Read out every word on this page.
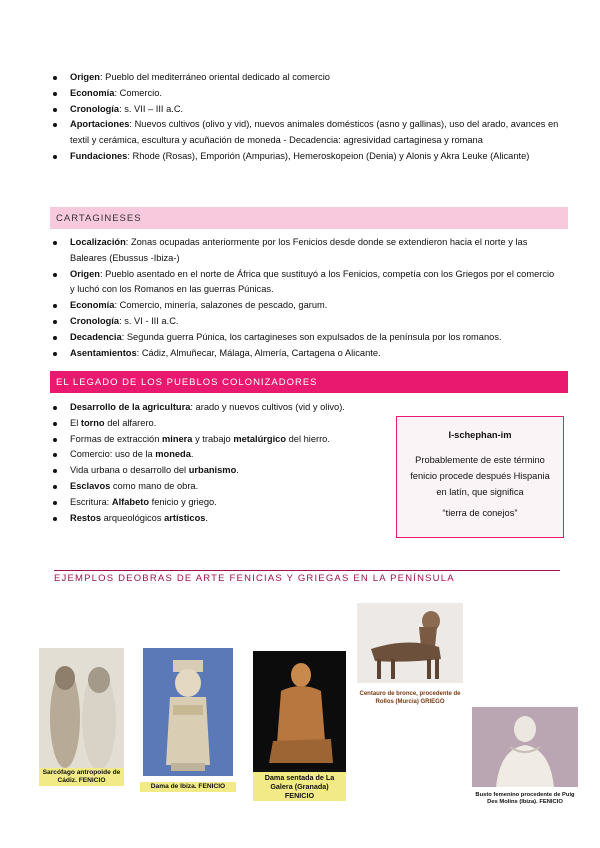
Origen: Pueblo del mediterráneo oriental dedicado al comercio
Economía: Comercio.
Cronología: s. VII – III a.C.
Aportaciones: Nuevos cultivos (olivo y vid), nuevos animales domésticos (asno y gallinas), uso del arado, avances en textil y cerámica, escultura y acuñación de moneda - Decadencia: agresividad cartaginesa y romana
Fundaciones: Rhode (Rosas), Emporión (Ampurias), Hemeroskopeion (Denia) y Alonis y Akra Leuke (Alicante)
CARTAGINESES
Localización: Zonas ocupadas anteriormente por los Fenicios desde donde se extendieron hacia el norte y las Baleares (Ebussus -Ibiza-)
Origen: Pueblo asentado en el norte de África que sustituyó a los Fenicios, competía con los Griegos por el comercio y luchó con los Romanos en las guerras Púnicas.
Economía: Comercio, minería, salazones de pescado, garum.
Cronología: s. VI - III a.C.
Decadencia: Segunda guerra Púnica, los cartagineses son expulsados de la península por los romanos.
Asentamientos: Cádiz, Almuñecar, Málaga, Almería, Cartagena o Alicante.
EL LEGADO DE LOS PUEBLOS COLONIZADORES
Desarrollo de la agricultura: arado y nuevos cultivos (vid y olivo).
El torno del alfarero.
Formas de extracción minera y trabajo metalúrgico del hierro.
Comercio: uso de la moneda.
Vida urbana o desarrollo del urbanismo.
Esclavos como mano de obra.
Escritura: Alfabeto fenicio y griego.
Restos arqueológicos artísticos.
I-schephan-im
Probablemente de este término fenicio procede después Hispania en latín, que significa
“tierra de conejos”
EJEMPLOS DEOBRAS DE ARTE FENICIAS Y GRIEGAS EN LA PENÍNSULA
Sarcófago antropoide de Cádiz. FENICIO
Dama de Ibiza. FENICIO
Dama sentada de La Galera (Granada) FENICIO
Centauro de bronce, procedente de Rollos (Murcia) GRIEGO
Busto femenino procedente de Puig Des Molins (Ibiza). FENICIO
